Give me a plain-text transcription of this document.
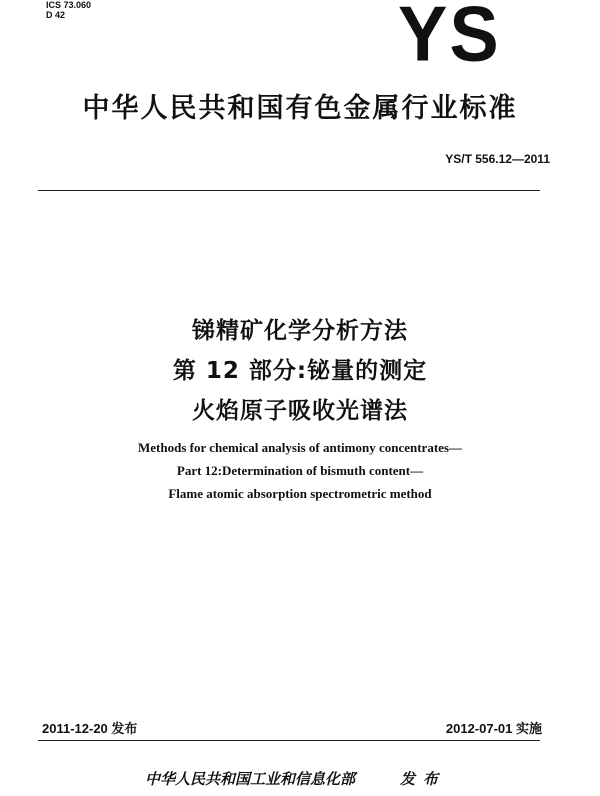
ICS 73.060
D 42	YS
中华人民共和国有色金属行业标准
YS/T 556.12—2011
锑精矿化学分析方法
第 12 部分:铋量的测定
火焰原子吸收光谱法
Methods for chemical analysis of antimony concentrates—
Part 12:Determination of bismuth content—
Flame atomic absorption spectrometric method
2011-12-20 发布	2012-07-01 实施
中华人民共和国工业和信息化部	发布
